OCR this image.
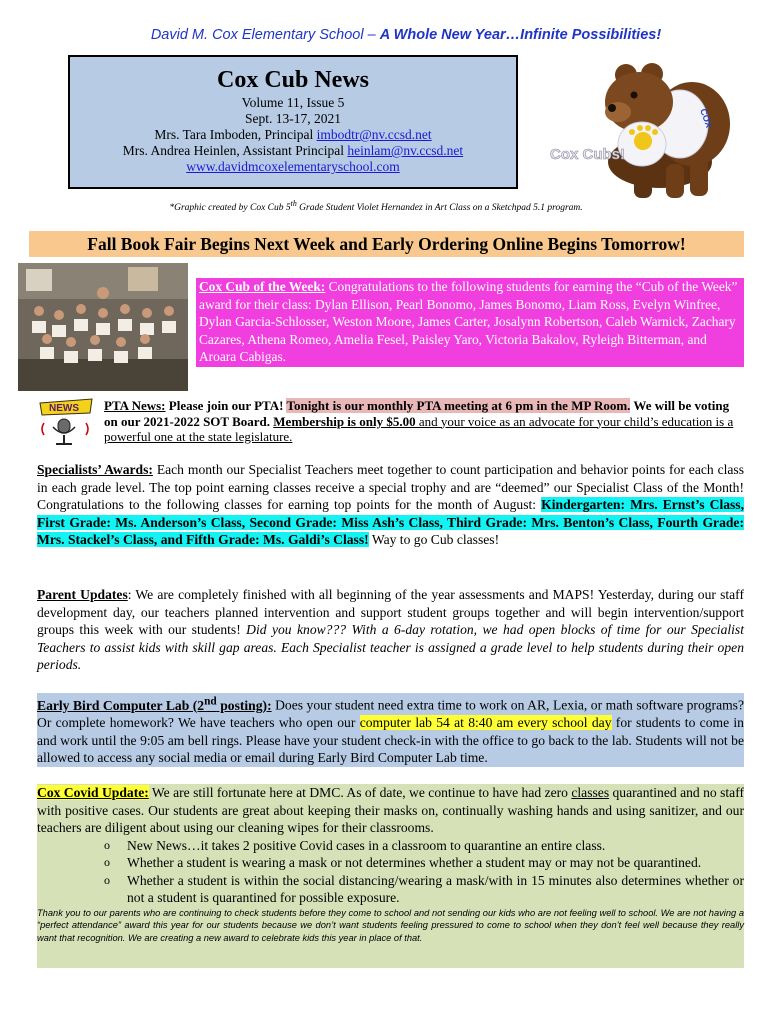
David M. Cox Elementary School – A Whole New Year…Infinite Possibilities!
Cox Cub News
Volume 11, Issue 5
Sept. 13-17, 2021
Mrs. Tara Imboden, Principal imbodtr@nv.ccsd.net
Mrs. Andrea Heinlen, Assistant Principal heinlam@nv.ccsd.net
www.davidmcoxelementaryschool.com
COX
Cox Cubs!
*Graphic created by Cox Cub 5th Grade Student Violet Hernandez in Art Class on a Sketchpad 5.1 program.
Fall Book Fair Begins Next Week and Early Ordering Online Begins Tomorrow!
Cox Cub of the Week: Congratulations to the following students for earning the “Cub of the Week” award for their class: Dylan Ellison, Pearl Bonomo, James Bonomo, Liam Ross, Evelyn Winfree, Dylan Garcia-Schlosser, Weston Moore, James Carter, Josalynn Robertson, Caleb Warnick, Zachary Cazares, Athena Romeo, Amelia Fesel, Paisley Yaro, Victoria Bakalov, Ryleigh Bitterman, and Aroara Cabigas.
NEWS PTA News: Please join our PTA! Tonight is our monthly PTA meeting at 6 pm in the MP Room. We will be voting on our 2021-2022 SOT Board. Membership is only $5.00 and your voice as an advocate for your child’s education is a powerful one at the state legislature.
Specialists’ Awards: Each month our Specialist Teachers meet together to count participation and behavior points for each class in each grade level. The top point earning classes receive a special trophy and are “deemed” our Specialist Class of the Month! Congratulations to the following classes for earning top points for the month of August: Kindergarten: Mrs. Ernst’s Class, First Grade: Ms. Anderson’s Class, Second Grade: Miss Ash’s Class, Third Grade: Mrs. Benton’s Class, Fourth Grade: Mrs. Stackel’s Class, and Fifth Grade: Ms. Galdi’s Class! Way to go Cub classes!
Parent Updates: We are completely finished with all beginning of the year assessments and MAPS! Yesterday, during our staff development day, our teachers planned intervention and support student groups together and will begin intervention/support groups this week with our students! Did you know??? With a 6-day rotation, we had open blocks of time for our Specialist Teachers to assist kids with skill gap areas. Each Specialist teacher is assigned a grade level to help students during their open periods.
Early Bird Computer Lab (2nd posting): Does your student need extra time to work on AR, Lexia, or math software programs? Or complete homework? We have teachers who open our computer lab 54 at 8:40 am every school day for students to come in and work until the 9:05 am bell rings. Please have your student check-in with the office to go back to the lab. Students will not be allowed to access any social media or email during Early Bird Computer Lab time.
Cox Covid Update: We are still fortunate here at DMC. As of date, we continue to have had zero classes quarantined and no staff with positive cases. Our students are great about keeping their masks on, continually washing hands and using sanitizer, and our teachers are diligent about using our cleaning wipes for their classrooms.
o New News…it takes 2 positive Covid cases in a classroom to quarantine an entire class.
o Whether a student is wearing a mask or not determines whether a student may or may not be quarantined.
o Whether a student is within the social distancing/wearing a mask/with in 15 minutes also determines whether or not a student is quarantined for possible exposure.
Thank you to our parents who are continuing to check students before they come to school and not sending our kids who are not feeling well to school. We are not having a “perfect attendance” award this year for our students because we don’t want students feeling pressured to come to school when they don’t feel well because they really want that recognition. We are creating a new award to celebrate kids this year in place of that.
